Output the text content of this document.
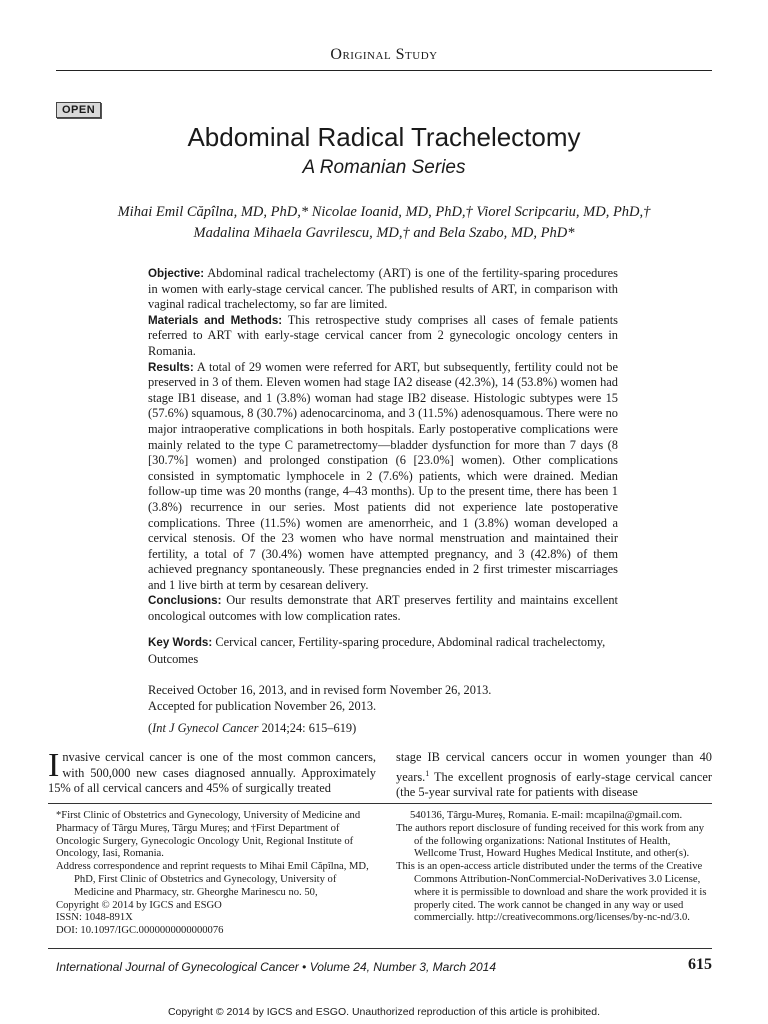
Original Study
OPEN
Abdominal Radical Trachelectomy
A Romanian Series
Mihai Emil Căpîlna, MD, PhD,* Nicolae Ioanid, MD, PhD,† Viorel Scripcariu, MD, PhD,†
Madalina Mihaela Gavrilescu, MD,† and Bela Szabo, MD, PhD*

Objective: Abdominal radical trachelectomy (ART) is one of the fertility-sparing procedures in women with early-stage cervical cancer. The published results of ART, in comparison with vaginal radical trachelectomy, so far are limited.

Materials and Methods: This retrospective study comprises all cases of female patients referred to ART with early-stage cervical cancer from 2 gynecologic oncology centers in Romania.

Results: A total of 29 women were referred for ART, but subsequently, fertility could not be preserved in 3 of them. Eleven women had stage IA2 disease (42.3%), 14 (53.8%) women had stage IB1 disease, and 1 (3.8%) woman had stage IB2 disease. Histologic subtypes were 15 (57.6%) squamous, 8 (30.7%) adenocarcinoma, and 3 (11.5%) adenosquamous. There were no major intraoperative complications in both hospitals. Early postoperative complications were mainly related to the type C parametrectomy—bladder dysfunction for more than 7 days (8 [30.7%] women) and prolonged constipation (6 [23.0%] women). Other complications consisted in symptomatic lymphocele in 2 (7.6%) patients, which were drained. Median follow-up time was 20 months (range, 4–43 months). Up to the present time, there has been 1 (3.8%) recurrence in our series. Most patients did not experience late postoperative complications. Three (11.5%) women are amenorrheic, and 1 (3.8%) woman developed a cervical stenosis. Of the 23 women who have normal menstruation and maintained their fertility, a total of 7 (30.4%) women have attempted pregnancy, and 3 (42.8%) of them achieved pregnancy spontaneously. These pregnancies ended in 2 first trimester miscarriages and 1 live birth at term by cesarean delivery.

Conclusions: Our results demonstrate that ART preserves fertility and maintains excellent oncological outcomes with low complication rates.

Key Words: Cervical cancer, Fertility-sparing procedure, Abdominal radical trachelectomy, Outcomes
Received October 16, 2013, and in revised form November 26, 2013.
Accepted for publication November 26, 2013.
(Int J Gynecol Cancer 2014;24: 615–619)
Invasive cervical cancer is one of the most common cancers, with 500,000 new cases diagnosed annually. Approximately 15% of all cervical cancers and 45% of surgically treated
stage IB cervical cancers occur in women younger than 40 years.$^1$ The excellent prognosis of early-stage cervical cancer (the 5-year survival rate for patients with disease

*First Clinic of Obstetrics and Gynecology, University of Medicine and Pharmacy of Târgu Mureș, Târgu Mureș; and †First Department of Oncologic Surgery, Gynecologic Oncology Unit, Regional Institute of Oncology, Iasi, Romania.

Address correspondence and reprint requests to Mihai Emil Căpîlna, MD, PhD, First Clinic of Obstetrics and Gynecology, University of Medicine and Pharmacy, str. Gheorghe Marinescu no. 50,

Copyright © 2014 by IGCS and ESGO

ISSN: 1048-891X

DOI: 10.1097/IGC.0000000000000076

540136, Târgu-Mureș, Romania. E-mail: mcapilna@gmail.com.

The authors report disclosure of funding received for this work from any of the following organizations: National Institutes of Health, Wellcome Trust, Howard Hughes Medical Institute, and other(s).

This is an open-access article distributed under the terms of the Creative Commons Attribution-NonCommercial-NoDerivatives 3.0 License, where it is permissible to download and share the work provided it is properly cited. The work cannot be changed in any way or used commercially. http://creativecommons.org/licenses/by-nc-nd/3.0.

International Journal of Gynecological Cancer • Volume 24, Number 3, March 2014	615
Copyright © 2014 by IGCS and ESGO. Unauthorized reproduction of this article is prohibited.
